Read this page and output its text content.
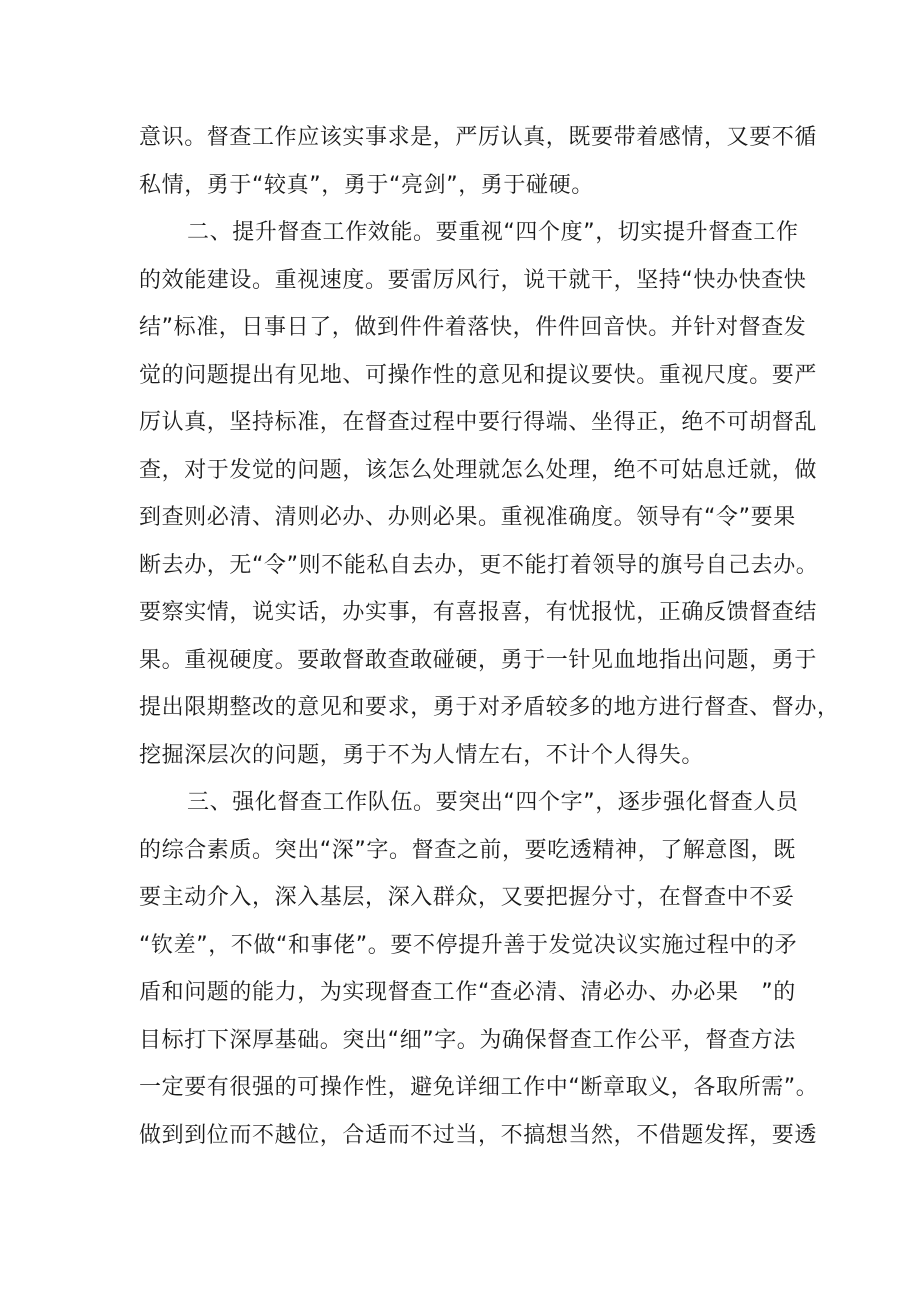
意识。督查工作应该实事求是，严厉认真，既要带着感情，又要不循
私情，勇于“较真”，勇于“亮剑”，勇于碰硬。
二、提升督查工作效能。要重视“四个度”，切实提升督查工作
的效能建设。重视速度。要雷厉风行，说干就干，坚持“快办快查快
结”标准，日事日了，做到件件着落快，件件回音快。并针对督查发
觉的问题提出有见地、可操作性的意见和提议要快。重视尺度。要严
厉认真，坚持标准，在督查过程中要行得端、坐得正，绝不可胡督乱
查，对于发觉的问题，该怎么处理就怎么处理，绝不可姑息迁就，做
到查则必清、清则必办、办则必果。重视准确度。领导有“令”要果
断去办，无“令”则不能私自去办，更不能打着领导的旗号自己去办。
要察实情，说实话，办实事，有喜报喜，有忧报忧，正确反馈督查结
果。重视硬度。要敢督敢查敢碰硬，勇于一针见血地指出问题，勇于
提出限期整改的意见和要求，勇于对矛盾较多的地方进行督查、督办，
挖掘深层次的问题，勇于不为人情左右，不计个人得失。
三、强化督查工作队伍。要突出“四个字”，逐步强化督查人员
的综合素质。突出“深”字。督查之前，要吃透精神，了解意图，既
要主动介入，深入基层，深入群众，又要把握分寸，在督查中不妥
“钦差”，不做“和事佬”。要不停提升善于发觉决议实施过程中的矛
盾和问题的能力，为实现督查工作“查必清、清必办、办必果　”的
目标打下深厚基础。突出“细”字。为确保督查工作公平，督查方法
一定要有很强的可操作性，避免详细工作中“断章取义，各取所需”。
做到到位而不越位，合适而不过当，不搞想当然，不借题发挥，要透
